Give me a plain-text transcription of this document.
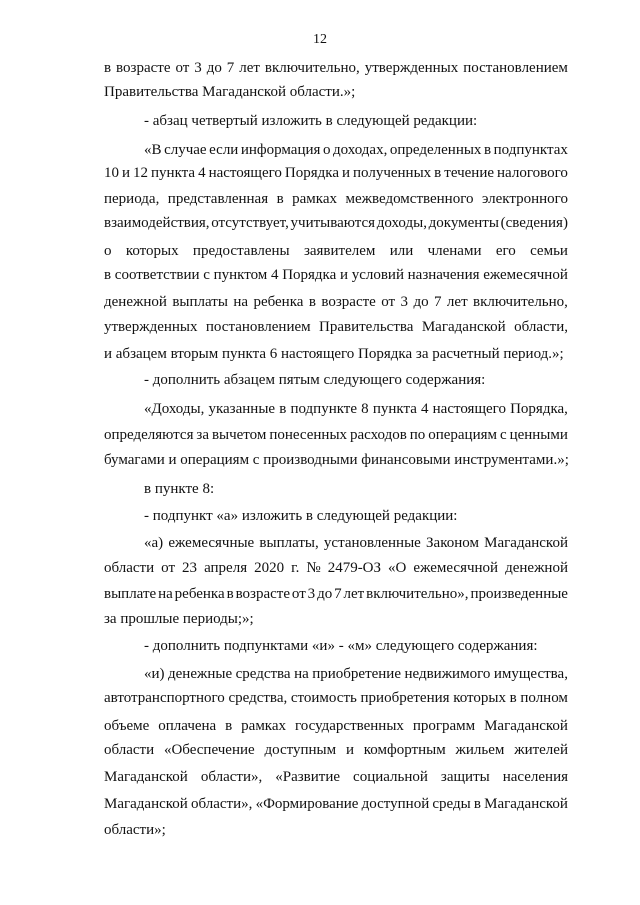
12
в возрасте от 3 до 7 лет включительно, утвержденных постановлением
Правительства Магаданской области.»;
- абзац четвертый изложить в следующей редакции:
«В случае если информация о доходах, определенных в подпунктах
10 и 12 пункта 4 настоящего Порядка и полученных в течение налогового
периода, представленная в рамках межведомственного электронного
взаимодействия, отсутствует, учитываются доходы, документы (сведения)
о которых предоставлены заявителем или членами его семьи
в соответствии с пунктом 4 Порядка и условий назначения ежемесячной
денежной выплаты на ребенка в возрасте от 3 до 7 лет включительно,
утвержденных постановлением Правительства Магаданской области,
и абзацем вторым пункта 6 настоящего Порядка за расчетный период.»;
- дополнить абзацем пятым следующего содержания:
«Доходы, указанные в подпункте 8 пункта 4 настоящего Порядка,
определяются за вычетом понесенных расходов по операциям с ценными
бумагами и операциям с производными финансовыми инструментами.»;
в пункте 8:
- подпункт «а» изложить в следующей редакции:
«а) ежемесячные выплаты, установленные Законом Магаданской
области от 23 апреля 2020 г. № 2479-ОЗ «О ежемесячной денежной
выплате на ребенка в возрасте от 3 до 7 лет включительно», произведенные
за прошлые периоды;»;
- дополнить подпунктами «и» - «м» следующего содержания:
«и) денежные средства на приобретение недвижимого имущества,
автотранспортного средства, стоимость приобретения которых в полном
объеме оплачена в рамках государственных программ Магаданской
области «Обеспечение доступным и комфортным жильем жителей
Магаданской области», «Развитие социальной защиты населения
Магаданской области», «Формирование доступной среды в Магаданской
области»;
